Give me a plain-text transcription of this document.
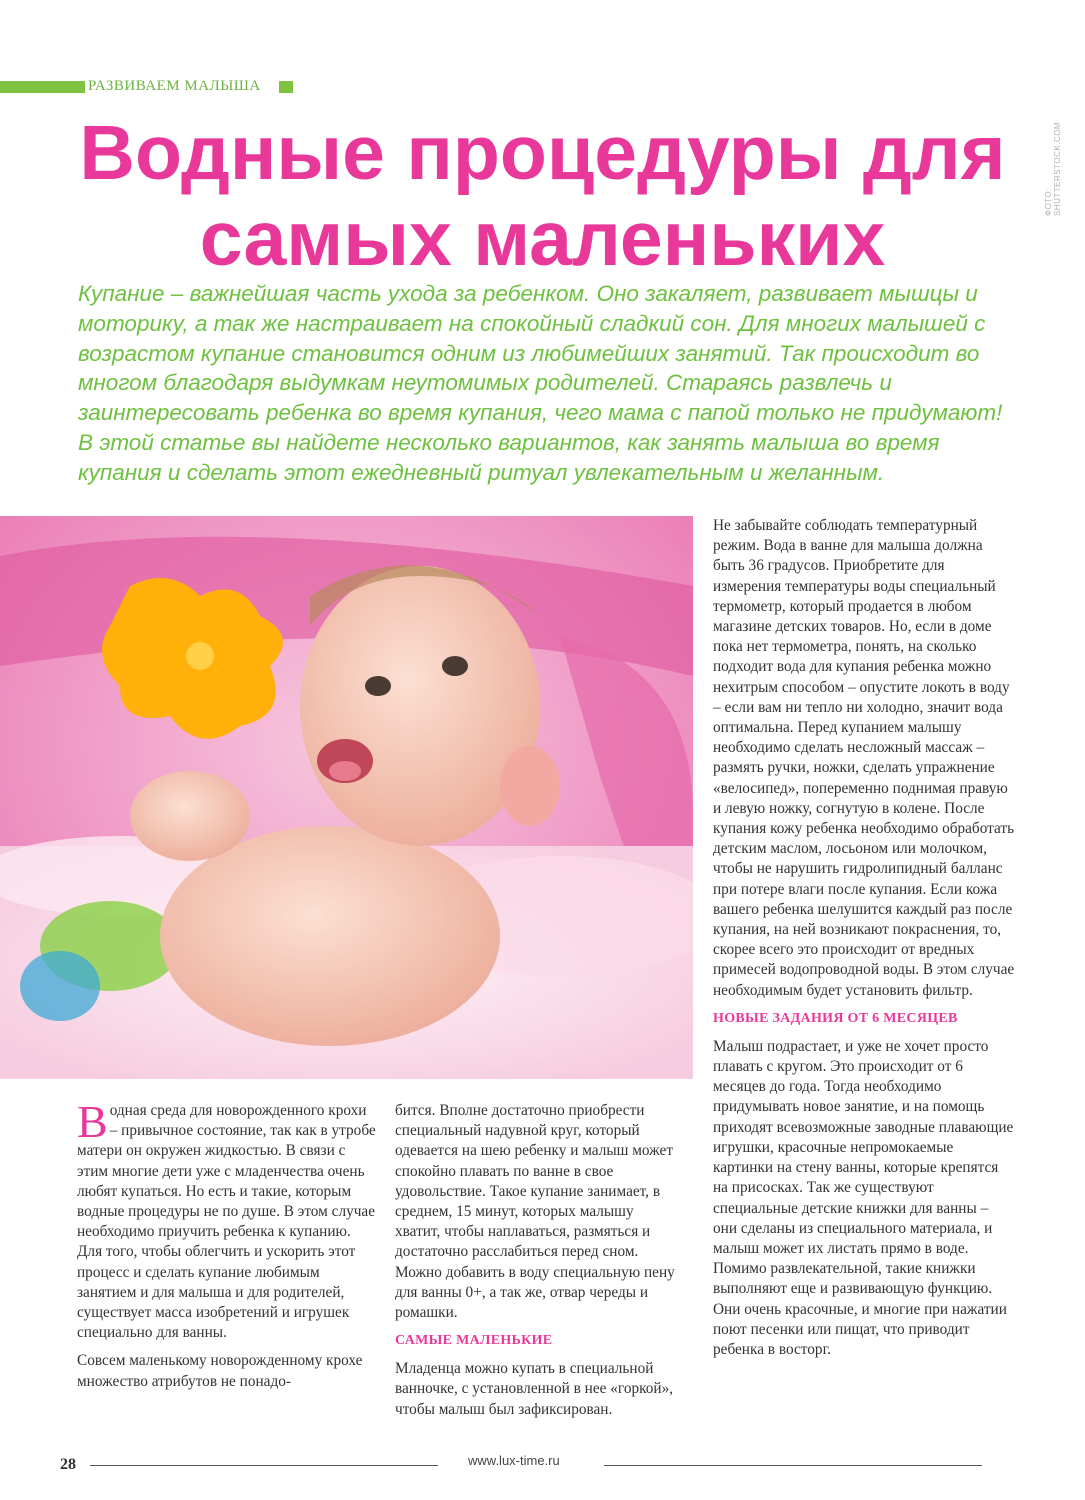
РАЗВИВАЕМ МАЛЫША
ФОТО: SHUTTERSTOCK.COM
Водные процедуры для самых маленьких

Купание – важнейшая часть ухода за ребенком. Оно закаляет, развивает мышцы и моторику, а так же настраивает на спокойный сладкий сон. Для многих малышей с возрастом купание становится одним из любимейших занятий. Так происходит во многом благодаря выдумкам неутомимых родителей. Стараясь развлечь и заинтересовать ребенка во время купания, чего мама с папой только не придумают! В этой статье вы найдете несколько вариантов, как занять малыша во время купания и сделать этот ежедневный ритуал увлекательным и желанным.

Не забывайте соблюдать температурный режим. Вода в ванне для малыша должна быть 36 градусов. Приобретите для измерения температуры воды специальный термометр, который продается в любом магазине детских товаров. Но, если в доме пока нет термометра, понять, на сколько подходит вода для купания ребенка можно нехитрым способом – опустите локоть в воду – если вам ни тепло ни холодно, значит вода оптимальна. Перед купанием малышу необходимо сделать несложный массаж – размять ручки, ножки, сделать упражнение «велосипед», попеременно поднимая правую и левую ножку, согнутую в колене. После купания кожу ребенка необходимо обработать детским маслом, лосьоном или молочком, чтобы не нарушить гидролипидный балланс при потере влаги после купания. Если кожа вашего ребенка шелушится каждый раз после купания, на ней возникают покраснения, то, скорее всего это происходит от вредных примесей водопроводной воды. В этом случае необходимым будет установить фильтр.

НОВЫЕ ЗАДАНИЯ ОТ 6 МЕСЯЦЕВ

Малыш подрастает, и уже не хочет просто плавать с кругом. Это происходит от 6 месяцев до года. Тогда необходимо придумывать новое занятие, и на помощь приходят всевозможные заводные плавающие игрушки, красочные непромокаемые картинки на стену ванны, которые крепятся на присосках. Так же существуют специальные детские книжки для ванны – они сделаны из специального материала, и малыш может их листать прямо в воде. Помимо развлекательной, такие книжки выполняют еще и развивающую функцию. Они очень красочные, и многие при нажатии поют песенки или пищат, что приводит ребенка в восторг.

Водная среда для новорожденного крохи – привычное состояние, так как в утробе матери он окружен жидкостью. В связи с этим многие дети уже с младенчества очень любят купаться. Но есть и такие, которым водные процедуры не по душе. В этом случае необходимо приучить ребенка к купанию. Для того, чтобы облегчить и ускорить этот процесс и сделать купание любимым занятием и для малыша и для родителей, существует масса изобретений и игрушек специально для ванны.

Совсем маленькому новорожденному крохе множество атрибутов не понадо-

бится. Вполне достаточно приобрести специальный надувной круг, который одевается на шею ребенку и малыш может спокойно плавать по ванне в свое удовольствие. Такое купание занимает, в среднем, 15 минут, которых малышу хватит, чтобы наплаваться, размяться и достаточно расслабиться перед сном. Можно добавить в воду специальную пену для ванны 0+, а так же, отвар череды и ромашки.

САМЫЕ МАЛЕНЬКИЕ

Младенца можно купать в специальной ванночке, с установленной в нее «горкой», чтобы малыш был зафиксирован.

28	www.lux-time.ru
